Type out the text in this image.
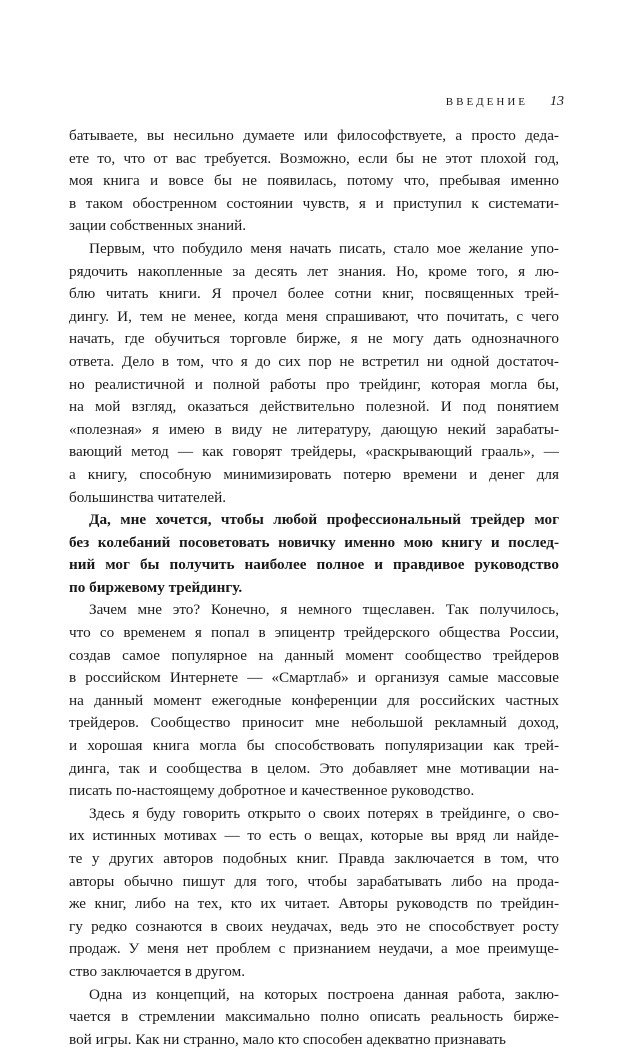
ВВЕДЕНИЕ 13
батываете, вы несильно думаете или философствуете, а просто деда-
ете то, что от вас требуется. Возможно, если бы не этот плохой год,
моя книга и вовсе бы не появилась, потому что, пребывая именно
в таком обостренном состоянии чувств, я и приступил к системати-
зации собственных знаний.
Первым, что побудило меня начать писать, стало мое желание упо-
рядочить накопленные за десять лет знания. Но, кроме того, я лю-
блю читать книги. Я прочел более сотни книг, посвященных трей-
дингу. И, тем не менее, когда меня спрашивают, что почитать, с чего
начать, где обучиться торговле бирже, я не могу дать однозначного
ответа. Дело в том, что я до сих пор не встретил ни одной достаточ-
но реалистичной и полной работы про трейдинг, которая могла бы,
на мой взгляд, оказаться действительно полезной. И под понятием
«полезная» я имею в виду не литературу, дающую некий зарабаты-
вающий метод — как говорят трейдеры, «раскрывающий грааль», —
а книгу, способную минимизировать потерю времени и денег для
большинства читателей.
Да, мне хочется, чтобы любой профессиональный трейдер мог
без колебаний посоветовать новичку именно мою книгу и послед-
ний мог бы получить наиболее полное и правдивое руководство
по биржевому трейдингу.
Зачем мне это? Конечно, я немного тщеславен. Так получилось,
что со временем я попал в эпицентр трейдерского общества России,
создав самое популярное на данный момент сообщество трейдеров
в российском Интернете — «Смартлаб» и организуя самые массовые
на данный момент ежегодные конференции для российских частных
трейдеров. Сообщество приносит мне небольшой рекламный доход,
и хорошая книга могла бы способствовать популяризации как трей-
динга, так и сообщества в целом. Это добавляет мне мотивации на-
писать по-настоящему добротное и качественное руководство.
Здесь я буду говорить открыто о своих потерях в трейдинге, о сво-
их истинных мотивах — то есть о вещах, которые вы вряд ли найде-
те у других авторов подобных книг. Правда заключается в том, что
авторы обычно пишут для того, чтобы зарабатывать либо на прода-
же книг, либо на тех, кто их читает. Авторы руководств по трейдин-
гу редко сознаются в своих неудачах, ведь это не способствует росту
продаж. У меня нет проблем с признанием неудачи, а мое преимуще-
ство заключается в другом.
Одна из концепций, на которых построена данная работа, заклю-
чается в стремлении максимально полно описать реальность бирже-
вой игры. Как ни странно, мало кто способен адекватно признавать
